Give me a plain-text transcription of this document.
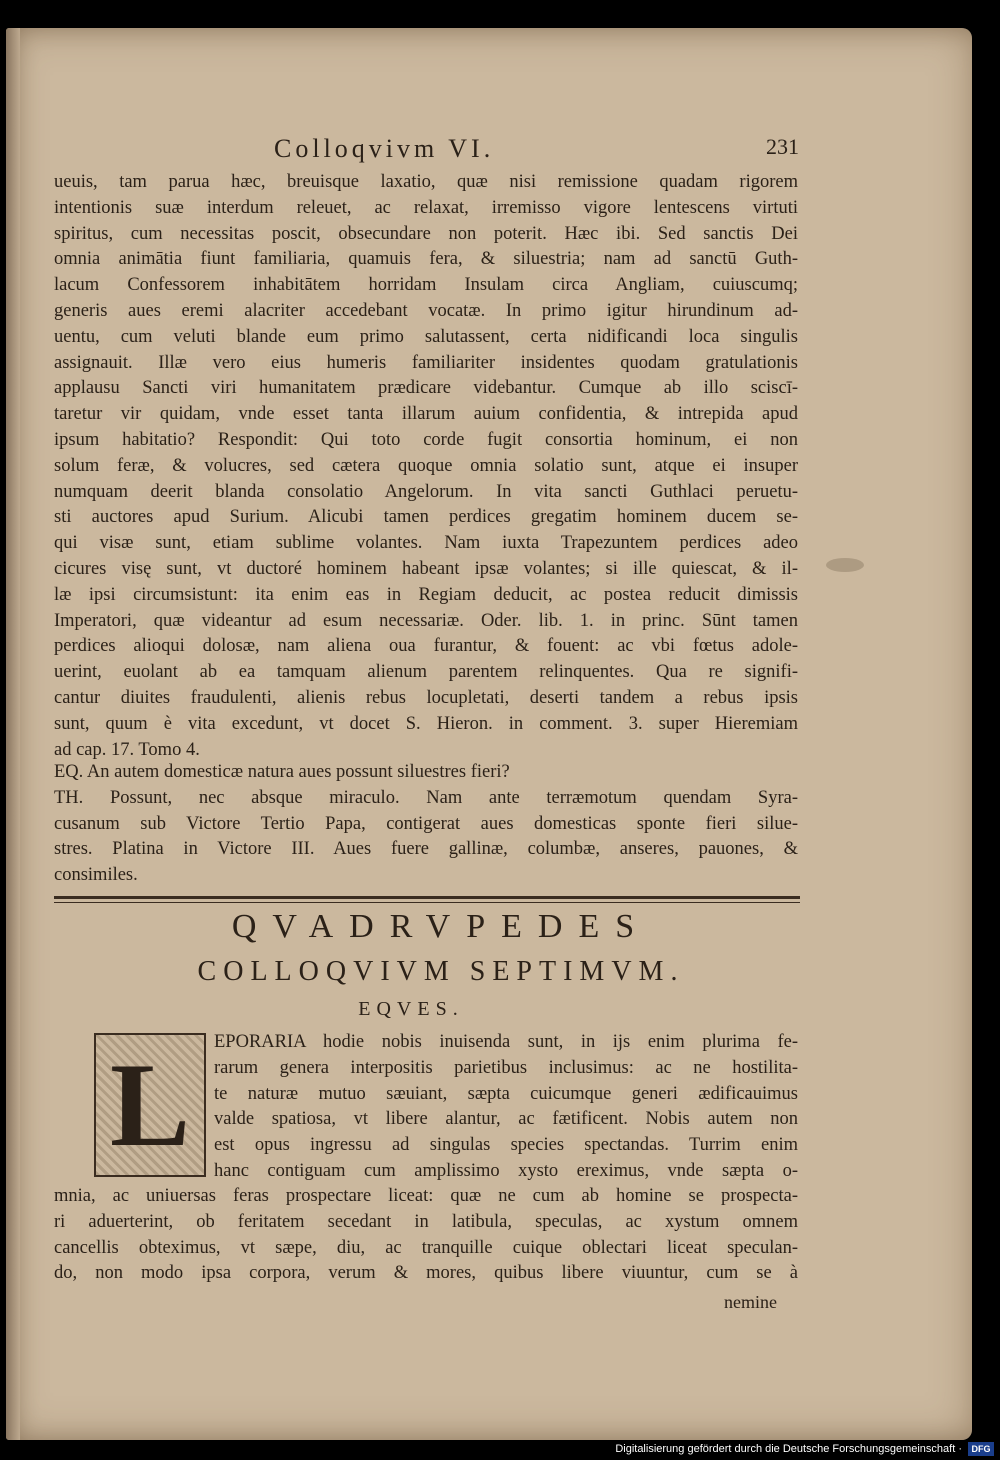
Colloqvivm VI.	231
ueuis, tam parua hæc, breuisque laxatio, quæ nisi remissione quadam rigorem
intentionis suæ interdum releuet, ac relaxat, irremisso vigore lentescens virtuti
spiritus, cum necessitas poscit, obsecundare non poterit. Hæc ibi. Sed sanctis Dei
omnia animātia fiunt familiaria, quamuis fera, & siluestria; nam ad sanctū Guth-
lacum Confessorem inhabitātem horridam Insulam circa Angliam, cuiuscumq;
generis aues eremi alacriter accedebant vocatæ. In primo igitur hirundinum ad-
uentu, cum veluti blande eum primo salutassent, certa nidificandi loca singulis
assignauit. Illæ vero eius humeris familiariter insidentes quodam gratulationis
applausu Sancti viri humanitatem prædicare videbantur. Cumque ab illo sciscī-
taretur vir quidam, vnde esset tanta illarum auium confidentia, & intrepida apud
ipsum habitatio? Respondit: Qui toto corde fugit consortia hominum, ei non
solum feræ, & volucres, sed cætera quoque omnia solatio sunt, atque ei insuper
numquam deerit blanda consolatio Angelorum. In vita sancti Guthlaci peruetu-
sti auctores apud Surium. Alicubi tamen perdices gregatim hominem ducem se-
qui visæ sunt, etiam sublime volantes. Nam iuxta Trapezuntem perdices adeo
cicures visę sunt, vt ductoré hominem habeant ipsæ volantes; si ille quiescat, & il-
læ ipsi circumsistunt: ita enim eas in Regiam deducit, ac postea reducit dimissis
Imperatori, quæ videantur ad esum necessariæ. Oder. lib. 1. in princ. Sūnt tamen
perdices alioqui dolosæ, nam aliena oua furantur, & fouent: ac vbi fœtus adole-
uerint, euolant ab ea tamquam alienum parentem relinquentes. Qua re signifi-
cantur diuites fraudulenti, alienis rebus locupletati, deserti tandem a rebus ipsis
sunt, quum è vita excedunt, vt docet S. Hieron. in comment. 3. super Hieremiam
ad cap. 17. Tomo 4.
EQ. An autem domesticæ natura aues possunt siluestres fieri?
TH. Possunt, nec absque miraculo. Nam ante terræmotum quendam Syra-
cusanum sub Victore Tertio Papa, contigerat aues domesticas sponte fieri silue-
stres. Platina in Victore III. Aues fuere gallinæ, columbæ, anseres, pauones, &
consimiles.
QVADRVPEDES
COLLOQVIVM SEPTIMVM.
EQVES.
L	EPORARIA hodie nobis inuisenda sunt, in ijs enim plurima fe-
rarum genera interpositis parietibus inclusimus: ac ne hostilita-
te naturæ mutuo sæuiant, sæpta cuicumque generi ædificauimus
valde spatiosa, vt libere alantur, ac fætificent. Nobis autem non
est opus ingressu ad singulas species spectandas. Turrim enim
hanc contiguam cum amplissimo xysto ereximus, vnde sæpta o-
mnia, ac uniuersas feras prospectare liceat: quæ ne cum ab homine se prospecta-
ri aduerterint, ob feritatem secedant in latibula, speculas, ac xystum omnem
cancellis obteximus, vt sæpe, diu, ac tranquille cuique oblectari liceat speculan-
do, non modo ipsa corpora, verum & mores, quibus libere viuuntur, cum se à
nemine
Digitalisierung gefördert durch die Deutsche Forschungsgemeinschaft ·	DFG
